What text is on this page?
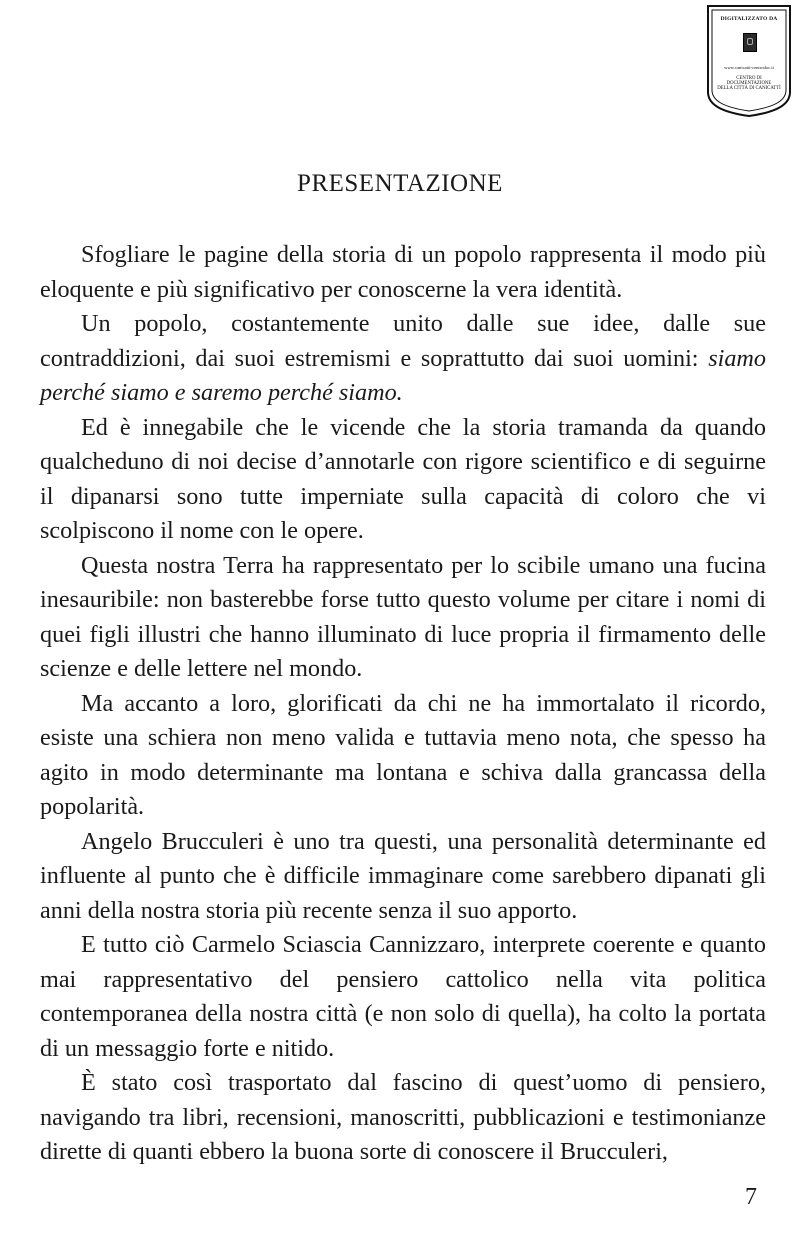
DIGITALIZZATO DA
www.canicatti-centrodoc.it
CENTRO DI DOCUMENTAZIONE
DELLA CITTÀ DI CANICATTÌ
PRESENTAZIONE

Sfogliare le pagine della storia di un popolo rappresenta il modo più eloquente e più significativo per conoscerne la vera identità.

Un popolo, costantemente unito dalle sue idee, dalle sue contraddizioni, dai suoi estremismi e soprattutto dai suoi uomini: siamo perché siamo e saremo perché siamo.

Ed è innegabile che le vicende che la storia tramanda da quando qualcheduno di noi decise d’annotarle con rigore scientifico e di seguirne il dipanarsi sono tutte imperniate sulla capacità di coloro che vi scolpiscono il nome con le opere.

Questa nostra Terra ha rappresentato per lo scibile umano una fucina inesauribile: non basterebbe forse tutto questo volume per citare i nomi di quei figli illustri che hanno illuminato di luce propria il firmamento delle scienze e delle lettere nel mondo.

Ma accanto a loro, glorificati da chi ne ha immortalato il ricordo, esiste una schiera non meno valida e tuttavia meno nota, che spesso ha agito in modo determinante ma lontana e schiva dalla grancassa della popolarità.

Angelo Brucculeri è uno tra questi, una personalità determinante ed influente al punto che è difficile immaginare come sarebbero dipanati gli anni della nostra storia più recente senza il suo apporto.

E tutto ciò Carmelo Sciascia Cannizzaro, interprete coerente e quanto mai rappresentativo del pensiero cattolico nella vita politica contemporanea della nostra città (e non solo di quella), ha colto la portata di un messaggio forte e nitido.

È stato così trasportato dal fascino di quest’uomo di pensiero, navigando tra libri, recensioni, manoscritti, pubblicazioni e testimonianze dirette di quanti ebbero la buona sorte di conoscere il Brucculeri,

7
